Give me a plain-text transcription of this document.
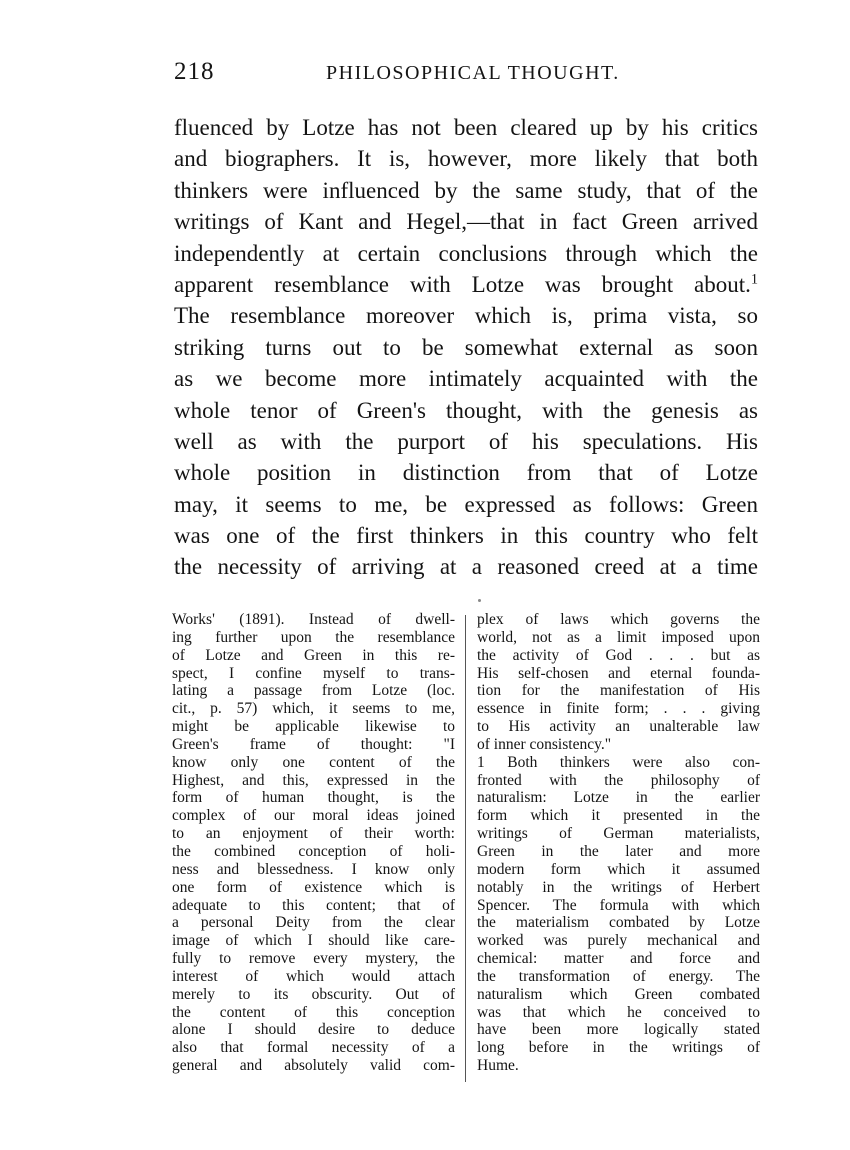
218	PHILOSOPHICAL THOUGHT.
fluenced by Lotze has not been cleared up by his critics
and biographers. It is, however, more likely that both
thinkers were influenced by the same study, that of the
writings of Kant and Hegel,—that in fact Green arrived
independently at certain conclusions through which the
apparent resemblance with Lotze was brought about.$^1$
The resemblance moreover which is, prima vista, so
striking turns out to be somewhat external as soon
as we become more intimately acquainted with the
whole tenor of Green's thought, with the genesis as
well as with the purport of his speculations. His
whole position in distinction from that of Lotze
may, it seems to me, be expressed as follows: Green
was one of the first thinkers in this country who felt
the necessity of arriving at a reasoned creed at a time
Works' (1891). Instead of dwell-
ing further upon the resemblance
of Lotze and Green in this re-
spect, I confine myself to trans-
lating a passage from Lotze (loc.
cit., p. 57) which, it seems to me,
might be applicable likewise to
Green's frame of thought: "I
know only one content of the
Highest, and this, expressed in the
form of human thought, is the
complex of our moral ideas joined
to an enjoyment of their worth:
the combined conception of holi-
ness and blessedness. I know only
one form of existence which is
adequate to this content; that of
a personal Deity from the clear
image of which I should like care-
fully to remove every mystery, the
interest of which would attach
merely to its obscurity. Out of
the content of this conception
alone I should desire to deduce
also that formal necessity of a
general and absolutely valid com-
plex of laws which governs the
world, not as a limit imposed upon
the activity of God . . . but as
His self-chosen and eternal founda-
tion for the manifestation of His
essence in finite form; . . . giving
to His activity an unalterable law
of inner consistency."
1 Both thinkers were also con-
fronted with the philosophy of
naturalism: Lotze in the earlier
form which it presented in the
writings of German materialists,
Green in the later and more
modern form which it assumed
notably in the writings of Herbert
Spencer. The formula with which
the materialism combated by Lotze
worked was purely mechanical and
chemical: matter and force and
the transformation of energy. The
naturalism which Green combated
was that which he conceived to
have been more logically stated
long before in the writings of
Hume.
